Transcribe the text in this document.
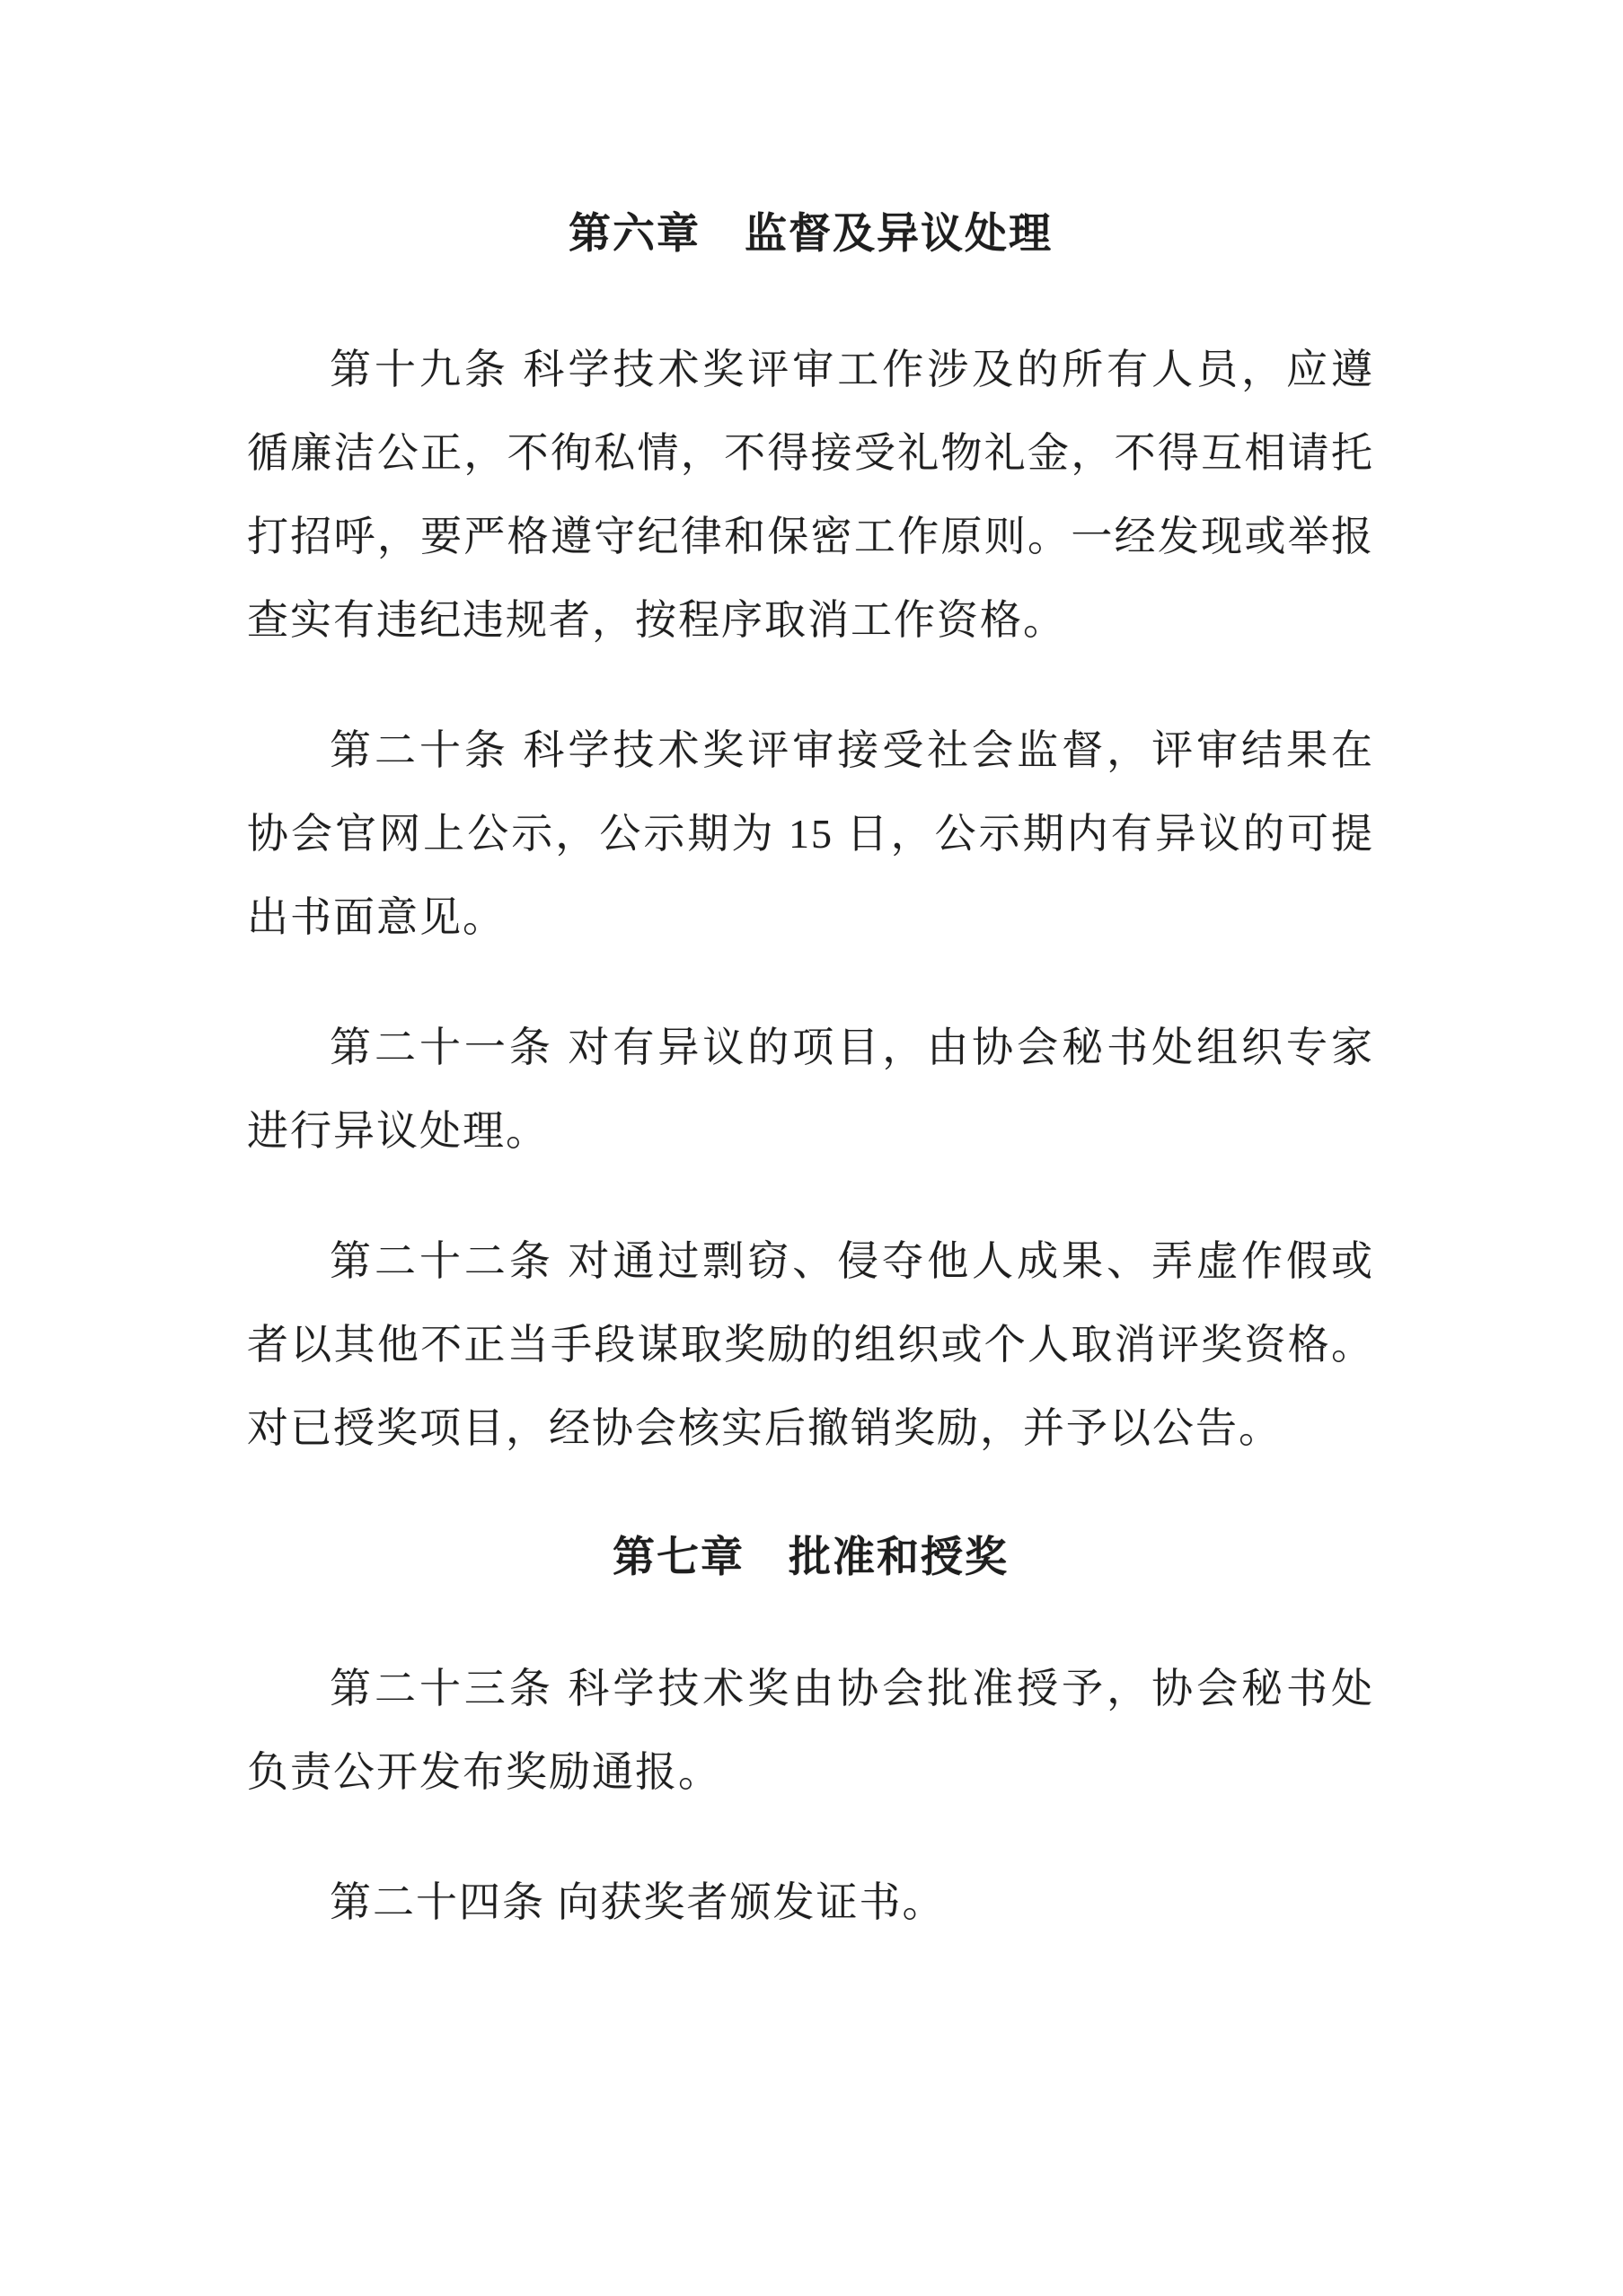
第六章　监督及异议处理
第十九条 科学技术奖评审工作涉及的所有人员，应遵
循廉洁公正，不徇私情，不得接受礼物礼金，不得互相请托
打招呼，要严格遵守纪律和保密工作原则。一经发现或举报
查实有违纪违规者，按程序取消工作资格。
第二十条 科学技术奖评审接受社会监督，评审结果在
协会官网上公示，公示期为 15 日，公示期内有异议的可提
出书面意见。
第二十一条 对有异议的项目，由协会秘书处组织专家
进行异议处理。
第二十二条 对通过剽窃、侵夺他人成果、弄虚作假或
者以其他不正当手段谋取奖励的组织或个人取消评奖资格。
对已授奖项目，经协会核实后撤销奖励，并予以公告。
第七章　批准和授奖
第二十三条 科学技术奖由协会批准授予，协会秘书处
负责公开发布奖励通报。
第二十四条 向获奖者颁发证书。
